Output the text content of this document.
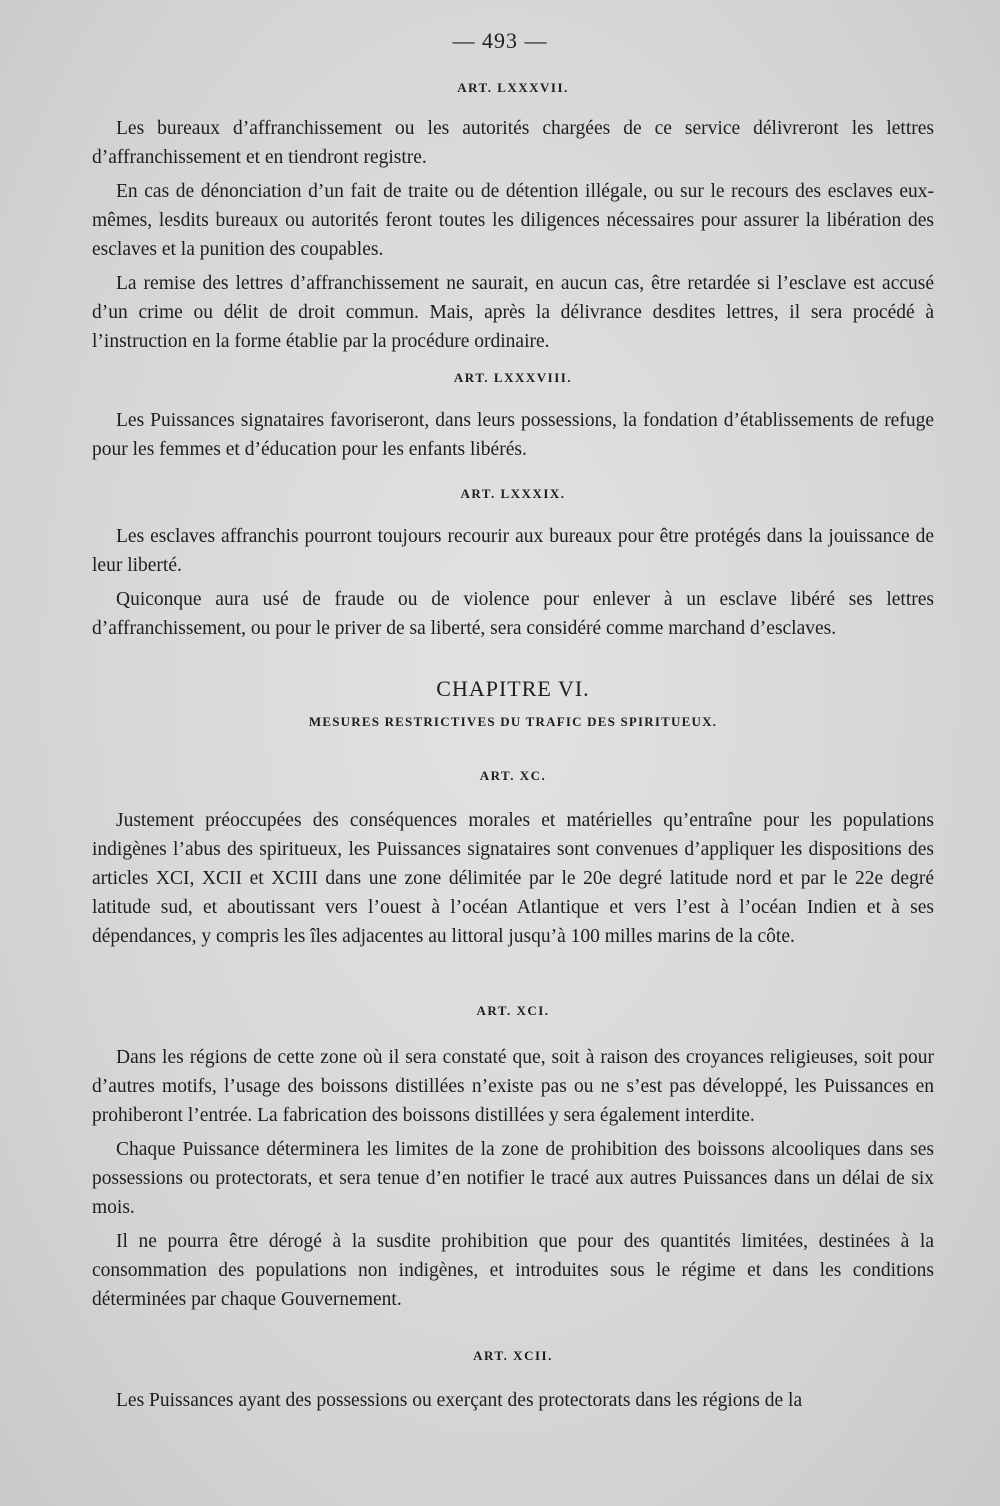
— 493 —
ART. LXXXVII.

Les bureaux d’affranchissement ou les autorités chargées de ce service délivreront les lettres d’affranchissement et en tiendront registre.

En cas de dénonciation d’un fait de traite ou de détention illégale, ou sur le recours des esclaves eux-mêmes, lesdits bureaux ou autorités feront toutes les diligences nécessaires pour assurer la libération des esclaves et la punition des coupables.

La remise des lettres d’affranchissement ne saurait, en aucun cas, être retardée si l’esclave est accusé d’un crime ou délit de droit commun. Mais, après la délivrance desdites lettres, il sera procédé à l’instruction en la forme établie par la procédure ordinaire.

ART. LXXXVIII.

Les Puissances signataires favoriseront, dans leurs possessions, la fondation d’établissements de refuge pour les femmes et d’éducation pour les enfants libérés.

ART. LXXXIX.

Les esclaves affranchis pourront toujours recourir aux bureaux pour être protégés dans la jouissance de leur liberté.

Quiconque aura usé de fraude ou de violence pour enlever à un esclave libéré ses lettres d’affranchissement, ou pour le priver de sa liberté, sera considéré comme marchand d’esclaves.

CHAPITRE VI.
MESURES RESTRICTIVES DU TRAFIC DES SPIRITUEUX.
ART. XC.

Justement préoccupées des conséquences morales et matérielles qu’entraîne pour les populations indigènes l’abus des spiritueux, les Puissances signataires sont convenues d’appliquer les dispositions des articles XCI, XCII et XCIII dans une zone délimitée par le 20e degré latitude nord et par le 22e degré latitude sud, et aboutissant vers l’ouest à l’océan Atlantique et vers l’est à l’océan Indien et à ses dépendances, y compris les îles adjacentes au littoral jusqu’à 100 milles marins de la côte.

ART. XCI.

Dans les régions de cette zone où il sera constaté que, soit à raison des croyances religieuses, soit pour d’autres motifs, l’usage des boissons distillées n’existe pas ou ne s’est pas développé, les Puissances en prohiberont l’entrée. La fabrication des boissons distillées y sera également interdite.

Chaque Puissance déterminera les limites de la zone de prohibition des boissons alcooliques dans ses possessions ou protectorats, et sera tenue d’en notifier le tracé aux autres Puissances dans un délai de six mois.

Il ne pourra être dérogé à la susdite prohibition que pour des quantités limitées, destinées à la consommation des populations non indigènes, et introduites sous le régime et dans les conditions déterminées par chaque Gouvernement.

ART. XCII.

Les Puissances ayant des possessions ou exerçant des protectorats dans les régions de la
